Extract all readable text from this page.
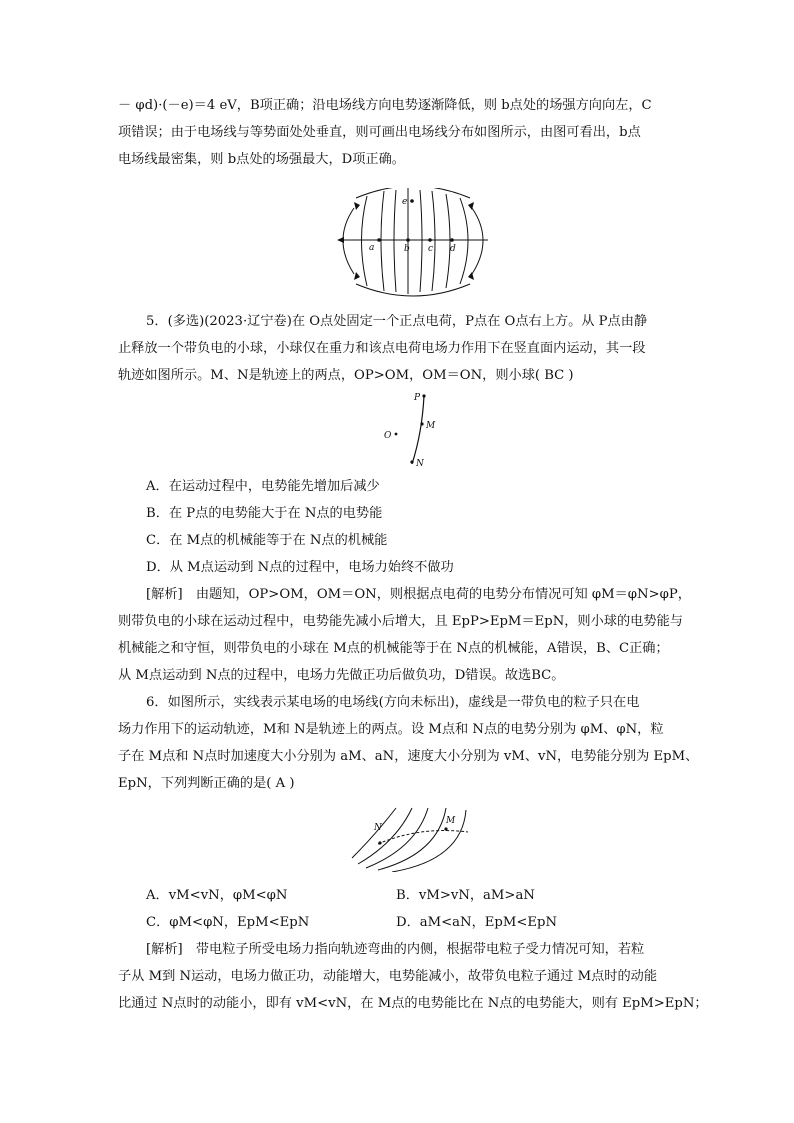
－ φd)·(－e)＝4 eV，B项正确；沿电场线方向电势逐渐降低，则 b点处的场强方向向左，C
项错误；由于电场线与等势面处处垂直，则可画出电场线分布如图所示，由图可看出，b点
电场线最密集，则 b点处的场强最大，D项正确。
a	b c d
e
5．(多选)(2023·辽宁卷)在 O点处固定一个正点电荷，P点在 O点右上方。从 P点由静
止释放一个带负电的小球，小球仅在重力和该点电荷电场力作用下在竖直面内运动，其一段
轨迹如图所示。M、N是轨迹上的两点，OP>OM，OM＝ON，则小球( BC )
P
M
O
N
A．在运动过程中，电势能先增加后减少
B．在 P点的电势能大于在 N点的电势能
C．在 M点的机械能等于在 N点的机械能
D．从 M点运动到 N点的过程中，电场力始终不做功
[解析]　由题知，OP>OM，OM＝ON，则根据点电荷的电势分布情况可知 φM＝φN>φP，
则带负电的小球在运动过程中，电势能先减小后增大，且 EpP>EpM＝EpN，则小球的电势能与
机械能之和守恒，则带负电的小球在 M点的机械能等于在 N点的机械能，A错误，B、C正确；
从 M点运动到 N点的过程中，电场力先做正功后做负功，D错误。故选BC。
6．如图所示，实线表示某电场的电场线(方向未标出)，虚线是一带负电的粒子只在电
场力作用下的运动轨迹，M和 N是轨迹上的两点。设 M点和 N点的电势分别为 φM、φN，粒
子在 M点和 N点时加速度大小分别为 aM、aN，速度大小分别为 vM、vN，电势能分别为 EpM、
EpN，下列判断正确的是( A )
N
M
A．vM<vN，φM<φN	B．vM>vN，aM>aN
C．φM<φN，EpM<EpN	D．aM<aN，EpM<EpN
[解析]　带电粒子所受电场力指向轨迹弯曲的内侧，根据带电粒子受力情况可知，若粒
子从 M到 N运动，电场力做正功，动能增大，电势能减小，故带负电粒子通过 M点时的动能
比通过 N点时的动能小，即有 vM<vN，在 M点的电势能比在 N点的电势能大，则有 EpM>EpN；
